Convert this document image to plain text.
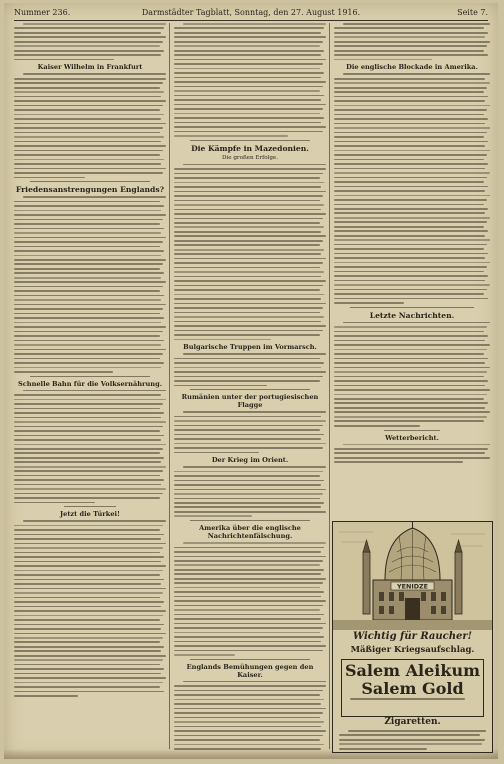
Nummer 236.	Darmstädter Tagblatt, Sonntag, den 27. August 1916.	Seite 7.
Kaiser Wilhelm in Frankfurt
Friedensanstrengungen Englands?
Schnelle Bahn für die Volksernährung.
Jetzt die Türkei!
Die Kämpfe in Mazedonien.
Die großen Erfolge.
Bulgarische Truppen im Vormarsch.
Rumänien unter der portugiesischen Flagge
Der Krieg im Orient.
Amerika über die englische Nachrichtenfälschung.
Englands Bemühungen gegen den Kaiser.
Die englische Blockade in Amerika.
Letzte Nachrichten.
Wetterbericht.
YENIDZE
Wichtig für Raucher!
Mäßiger Kriegsaufschlag.
Salem Aleikum
Salem Gold
Zigaretten.
